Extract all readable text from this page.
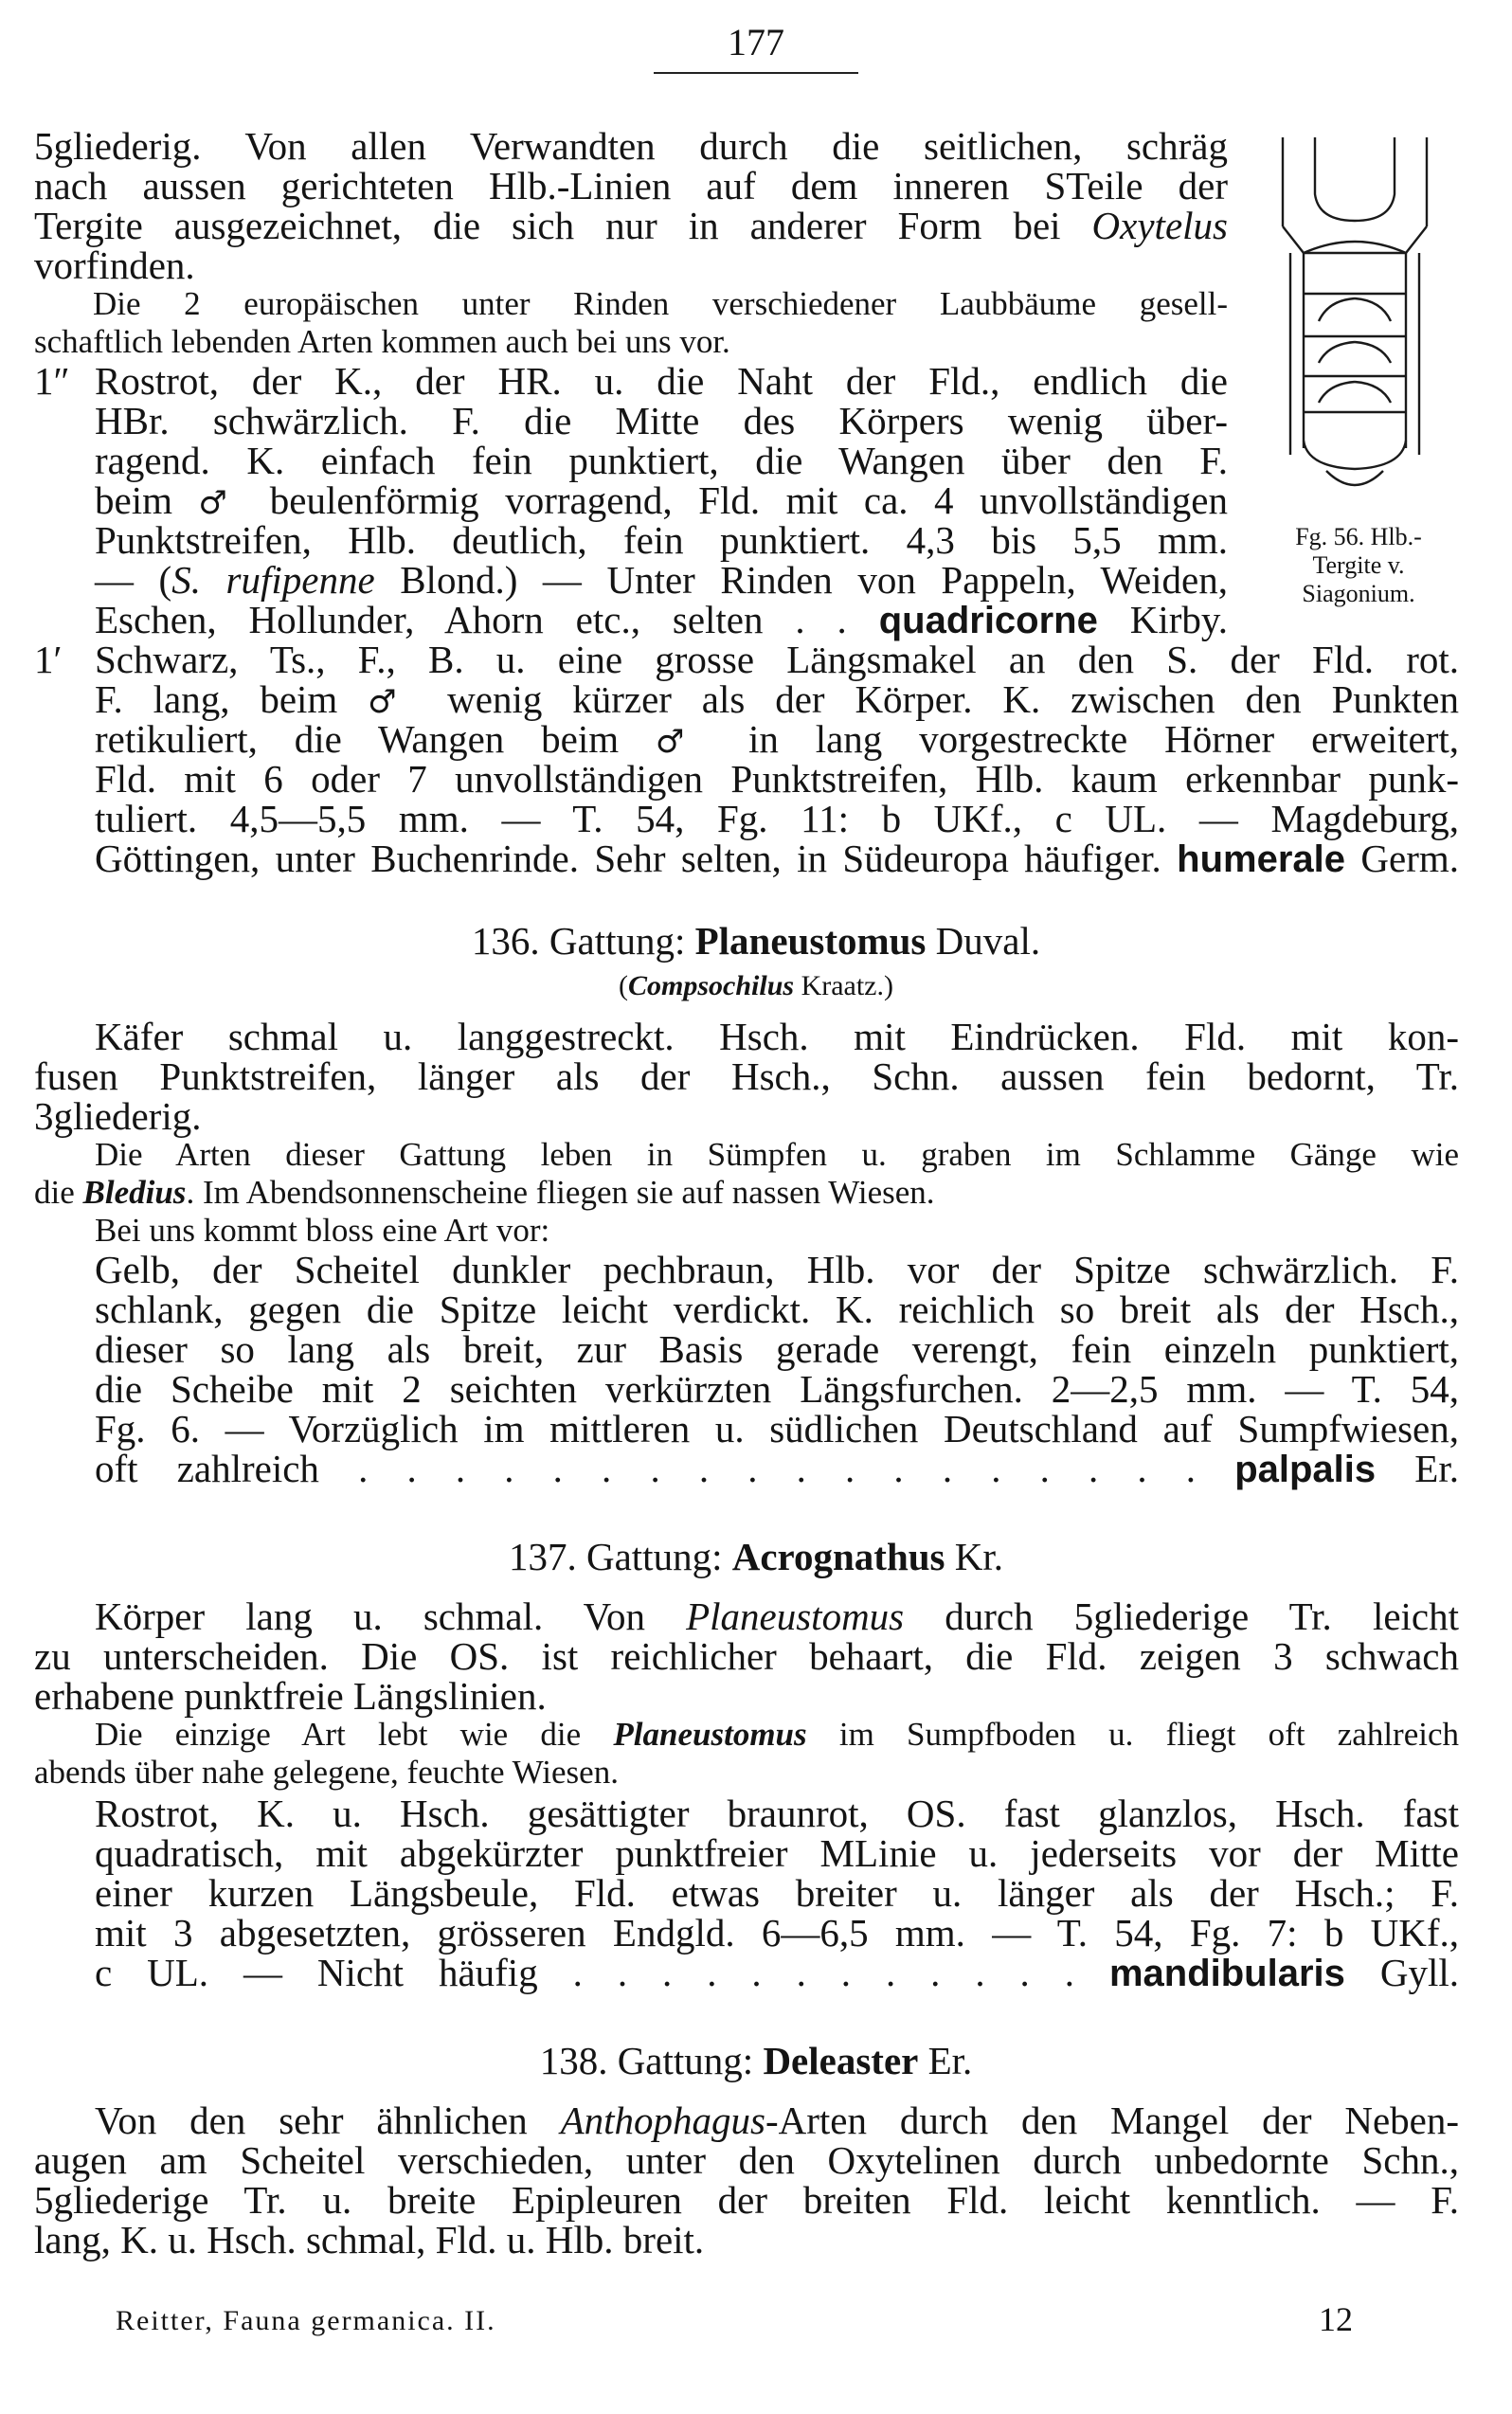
177
Fg. 56. Hlb.-
Tergite v.
Siagonium.
5gliederig. Von allen Verwandten durch die seitlichen, schräg
nach aussen gerichteten Hlb.-Linien auf dem inneren STeile der
Tergite ausgezeichnet, die sich nur in anderer Form bei Oxytelus
vorfinden.
Die 2 europäischen unter Rinden verschiedener Laubbäume gesell-
schaftlich lebenden Arten kommen auch bei uns vor.
1″ Rostrot, der K., der HR. u. die Naht der Fld., endlich die
HBr. schwärzlich. F. die Mitte des Körpers wenig über-
ragend. K. einfach fein punktiert, die Wangen über den F.
beim ♂ beulenförmig vorragend, Fld. mit ca. 4 unvollständigen
Punktstreifen, Hlb. deutlich, fein punktiert. 4,3 bis 5,5 mm.
— (S. rufipenne Blond.) — Unter Rinden von Pappeln, Weiden,
Eschen, Hollunder, Ahorn etc., selten . . quadricorne Kirby.
1′ Schwarz, Ts., F., B. u. eine grosse Längsmakel an den S. der Fld. rot.
F. lang, beim ♂ wenig kürzer als der Körper. K. zwischen den Punkten
retikuliert, die Wangen beim ♂ in lang vorgestreckte Hörner erweitert,
Fld. mit 6 oder 7 unvollständigen Punktstreifen, Hlb. kaum erkennbar punk-
tuliert. 4,5—5,5 mm. — T. 54, Fg. 11: b UKf., c UL. — Magdeburg,
Göttingen, unter Buchenrinde. Sehr selten, in Südeuropa häufiger. humerale Germ.
136. Gattung: Planeustomus Duval.
(Compsochilus Kraatz.)
Käfer schmal u. langgestreckt. Hsch. mit Eindrücken. Fld. mit kon-
fusen Punktstreifen, länger als der Hsch., Schn. aussen fein bedornt, Tr.
3gliederig.
Die Arten dieser Gattung leben in Sümpfen u. graben im Schlamme Gänge wie
die Bledius. Im Abendsonnenscheine fliegen sie auf nassen Wiesen.
Bei uns kommt bloss eine Art vor:
Gelb, der Scheitel dunkler pechbraun, Hlb. vor der Spitze schwärzlich. F.
schlank, gegen die Spitze leicht verdickt. K. reichlich so breit als der Hsch.,
dieser so lang als breit, zur Basis gerade verengt, fein einzeln punktiert,
die Scheibe mit 2 seichten verkürzten Längsfurchen. 2—2,5 mm. — T. 54,
Fg. 6. — Vorzüglich im mittleren u. südlichen Deutschland auf Sumpfwiesen,
oft zahlreich . . . . . . . . . . . . . . . . . . palpalis Er.
137. Gattung: Acrognathus Kr.
Körper lang u. schmal. Von Planeustomus durch 5gliederige Tr. leicht
zu unterscheiden. Die OS. ist reichlicher behaart, die Fld. zeigen 3 schwach
erhabene punktfreie Längslinien.
Die einzige Art lebt wie die Planeustomus im Sumpfboden u. fliegt oft zahlreich
abends über nahe gelegene, feuchte Wiesen.
Rostrot, K. u. Hsch. gesättigter braunrot, OS. fast glanzlos, Hsch. fast
quadratisch, mit abgekürzter punktfreier MLinie u. jederseits vor der Mitte
einer kurzen Längsbeule, Fld. etwas breiter u. länger als der Hsch.; F.
mit 3 abgesetzten, grösseren Endgld. 6—6,5 mm. — T. 54, Fg. 7: b UKf.,
c UL. — Nicht häufig . . . . . . . . . . . . mandibularis Gyll.
138. Gattung: Deleaster Er.
Von den sehr ähnlichen Anthophagus-Arten durch den Mangel der Neben-
augen am Scheitel verschieden, unter den Oxytelinen durch unbedornte Schn.,
5gliederige Tr. u. breite Epipleuren der breiten Fld. leicht kenntlich. — F.
lang, K. u. Hsch. schmal, Fld. u. Hlb. breit.
Reitter, Fauna germanica. II.	12
